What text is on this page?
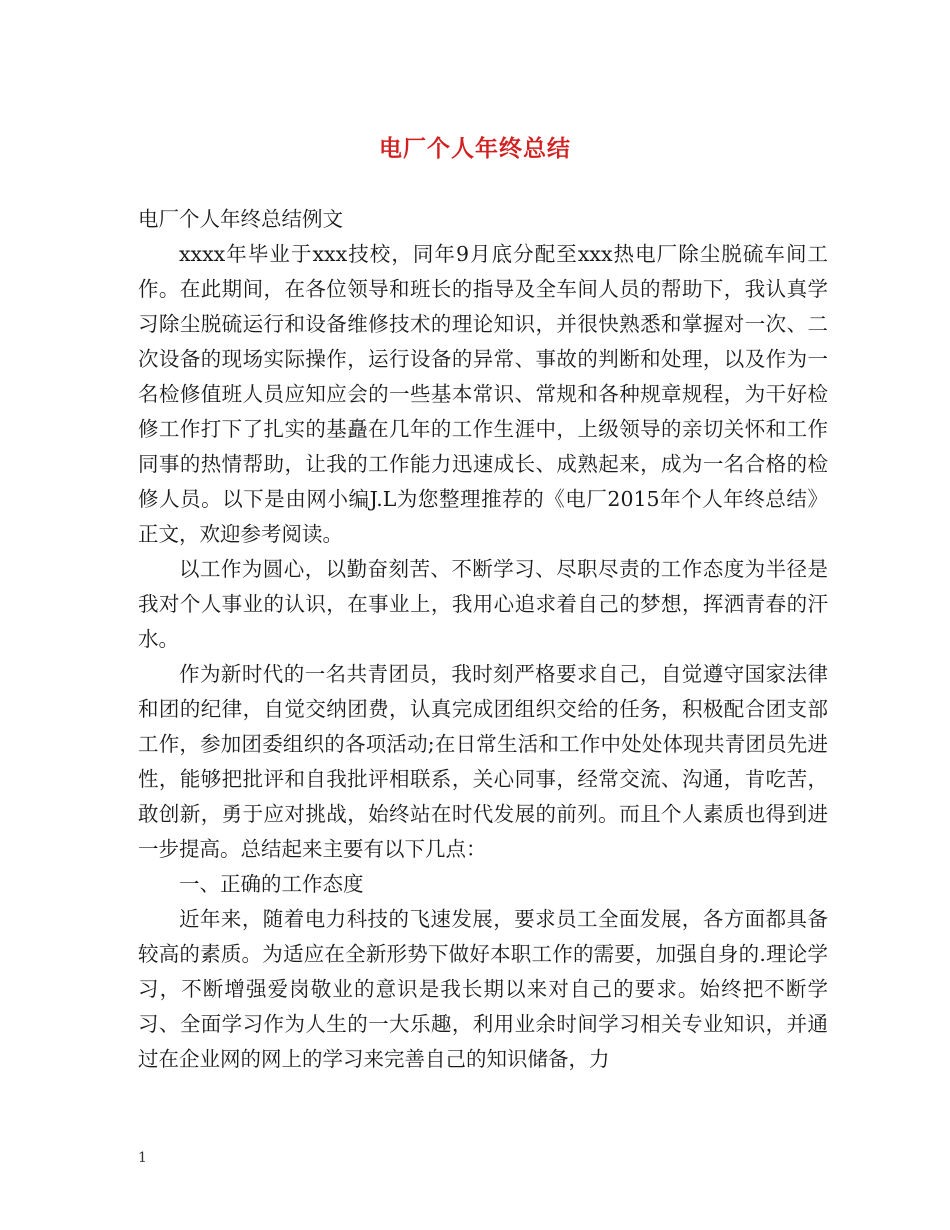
电厂个人年终总结

电厂个人年终总结例文

xxxx年毕业于xxx技校，同年9月底分配至xxx热电厂除尘脱硫车间工作。在此期间，在各位领导和班长的指导及全车间人员的帮助下，我认真学习除尘脱硫运行和设备维修技术的理论知识，并很快熟悉和掌握对一次、二次设备的现场实际操作，运行设备的异常、事故的判断和处理，以及作为一名检修值班人员应知应会的一些基本常识、常规和各种规章规程，为干好检修工作打下了扎实的基矗在几年的工作生涯中，上级领导的亲切关怀和工作同事的热情帮助，让我的工作能力迅速成长、成熟起来，成为一名合格的检修人员。以下是由网小编J.L为您整理推荐的《电厂2015年个人年终总结》正文，欢迎参考阅读。

以工作为圆心，以勤奋刻苦、不断学习、尽职尽责的工作态度为半径是我对个人事业的认识，在事业上，我用心追求着自己的梦想，挥洒青春的汗水。

作为新时代的一名共青团员，我时刻严格要求自己，自觉遵守国家法律和团的纪律，自觉交纳团费，认真完成团组织交给的任务，积极配合团支部工作，参加团委组织的各项活动;在日常生活和工作中处处体现共青团员先进性，能够把批评和自我批评相联系，关心同事，经常交流、沟通，肯吃苦，敢创新，勇于应对挑战，始终站在时代发展的前列。而且个人素质也得到进一步提高。总结起来主要有以下几点：

一、正确的工作态度

近年来，随着电力科技的飞速发展，要求员工全面发展，各方面都具备较高的素质。为适应在全新形势下做好本职工作的需要，加强自身的.理论学习，不断增强爱岗敬业的意识是我长期以来对自己的要求。始终把不断学习、全面学习作为人生的一大乐趣，利用业余时间学习相关专业知识，并通过在企业网的网上的学习来完善自己的知识储备，力

1
